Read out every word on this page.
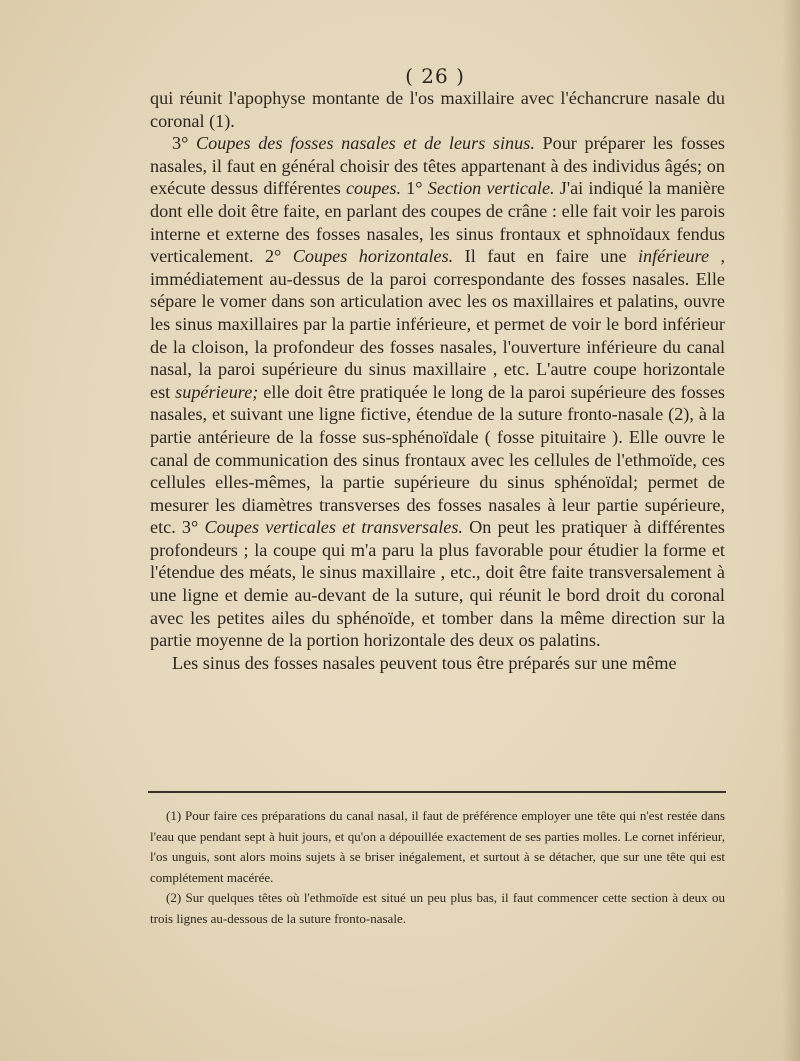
( 26 )

qui réunit l'apophyse montante de l'os maxillaire avec l'échancrure nasale du coronal (1).

3° Coupes des fosses nasales et de leurs sinus. Pour préparer les fosses nasales, il faut en général choisir des têtes appartenant à des individus âgés; on exécute dessus différentes coupes. 1° Section verticale. J'ai indiqué la manière dont elle doit être faite, en parlant des coupes de crâne : elle fait voir les parois interne et externe des fosses nasales, les sinus frontaux et sphnoïdaux fendus verticalement. 2° Coupes horizontales. Il faut en faire une inférieure , immédiatement au-dessus de la paroi correspondante des fosses nasales. Elle sépare le vomer dans son articulation avec les os maxillaires et palatins, ouvre les sinus maxillaires par la partie inférieure, et permet de voir le bord inférieur de la cloison, la profondeur des fosses nasales, l'ouverture inférieure du canal nasal, la paroi supérieure du sinus maxillaire , etc. L'autre coupe horizontale est supérieure; elle doit être pratiquée le long de la paroi supérieure des fosses nasales, et suivant une ligne fictive, étendue de la suture fronto-nasale (2), à la partie antérieure de la fosse sus-sphénoïdale ( fosse pituitaire ). Elle ouvre le canal de communication des sinus frontaux avec les cellules de l'ethmoïde, ces cellules elles-mêmes, la partie supérieure du sinus sphénoïdal; permet de mesurer les diamètres transverses des fosses nasales à leur partie supérieure, etc. 3° Coupes verticales et transversales. On peut les pratiquer à différentes profondeurs ; la coupe qui m'a paru la plus favorable pour étudier la forme et l'étendue des méats, le sinus maxillaire , etc., doit être faite transversalement à une ligne et demie au-devant de la suture, qui réunit le bord droit du coronal avec les petites ailes du sphénoïde, et tomber dans la même direction sur la partie moyenne de la portion horizontale des deux os palatins.

Les sinus des fosses nasales peuvent tous être préparés sur une même

(1) Pour faire ces préparations du canal nasal, il faut de préférence employer une tête qui n'est restée dans l'eau que pendant sept à huit jours, et qu'on a dépouillée exactement de ses parties molles. Le cornet inférieur, l'os unguis, sont alors moins sujets à se briser inégalement, et surtout à se détacher, que sur une tête qui est complétement macérée.

(2) Sur quelques têtes où l'ethmoïde est situé un peu plus bas, il faut commencer cette section à deux ou trois lignes au-dessous de la suture fronto-nasale.
